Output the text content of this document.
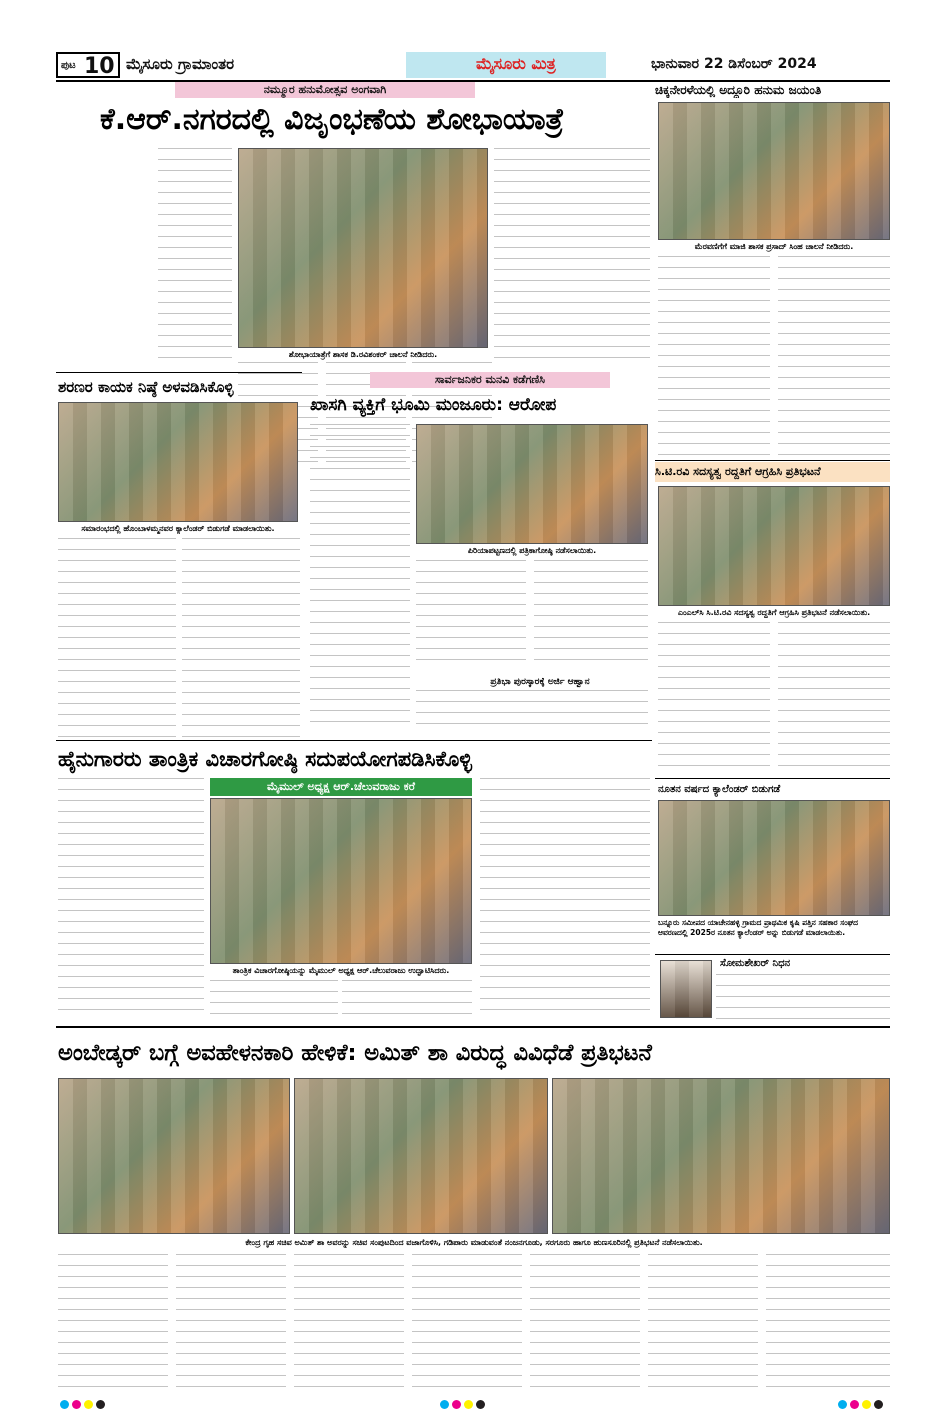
ಪುಟ 10 ಮೈಸೂರು ಗ್ರಾಮಾಂತರ	ಮೈಸೂರು ಮಿತ್ರ	ಭಾನುವಾರ 22 ಡಿಸೆಂಬರ್ 2024
ನಮ್ಮೂರ ಹನುಮೋತ್ಸವ ಅಂಗವಾಗಿ
ಕೆ.ಆರ್.ನಗರದಲ್ಲಿ ವಿಜೃಂಭಣೆಯ ಶೋಭಾಯಾತ್ರೆ
ಶೋಭಾಯಾತ್ರೆಗೆ ಶಾಸಕ ಡಿ.ರವಿಶಂಕರ್ ಚಾಲನೆ ನೀಡಿದರು.
ಚಿಕ್ಕನೇರಳೆಯಲ್ಲಿ ಅದ್ದೂರಿ ಹನುಮ ಜಯಂತಿ
ಮೆರವಣಿಗೆಗೆ ಮಾಜಿ ಶಾಸಕ ಪ್ರಸಾದ್ ಸಿಂಹ ಚಾಲನೆ ನೀಡಿದರು.
ಶರಣರ ಕಾಯಕ ನಿಷ್ಠೆ ಅಳವಡಿಸಿಕೊಳ್ಳಿ
ಸಮಾರಂಭದಲ್ಲಿ ಹೊಂಬಾಳಮ್ಮನವರ ಕ್ಯಾಲೆಂಡರ್ ಬಿಡುಗಡೆ ಮಾಡಲಾಯಿತು.
ಸಾರ್ವಜನಿಕರ ಮನವಿ ಕಡೆಗಣಿಸಿ
ಖಾಸಗಿ ವ್ಯಕ್ತಿಗೆ ಭೂಮಿ ಮಂಜೂರು: ಆರೋಪ
ಪಿರಿಯಾಪಟ್ಟಣದಲ್ಲಿ ಪತ್ರಿಕಾಗೋಷ್ಠಿ ನಡೆಸಲಾಯಿತು.
ಪ್ರತಿಭಾ ಪುರಸ್ಕಾರಕ್ಕೆ ಅರ್ಜಿ ಆಹ್ವಾನ
ಸಿ.ಟಿ.ರವಿ ಸದಸ್ಯತ್ವ ರದ್ದತಿಗೆ ಆಗ್ರಹಿಸಿ ಪ್ರತಿಭಟನೆ
ಎಂಎಲ್‌ಸಿ ಸಿ.ಟಿ.ರವಿ ಸದಸ್ಯತ್ವ ರದ್ದತಿಗೆ ಆಗ್ರಹಿಸಿ ಪ್ರತಿಭಟನೆ ನಡೆಸಲಾಯಿತು.
ಹೈನುಗಾರರು ತಾಂತ್ರಿಕ ವಿಚಾರಗೋಷ್ಠಿ ಸದುಪಯೋಗಪಡಿಸಿಕೊಳ್ಳಿ
ಮೈಮುಲ್ ಅಧ್ಯಕ್ಷ ಆರ್.ಚೆಲುವರಾಜು ಕರೆ
ತಾಂತ್ರಿಕ ವಿಚಾರಗೋಷ್ಠಿಯನ್ನು ಮೈಮುಲ್ ಅಧ್ಯಕ್ಷ ಆರ್.ಚೆಲುವರಾಜು ಉದ್ಘಾಟಿಸಿದರು.
ನೂತನ ವರ್ಷದ ಕ್ಯಾಲೆಂಡರ್ ಬಿಡುಗಡೆ
ಬನ್ನೂರು ಸಮೀಪದ ಯಾಚೇನಹಳ್ಳಿ ಗ್ರಾಮದ ಪ್ರಾಥಮಿಕ ಕೃಷಿ ಪತ್ತಿನ ಸಹಕಾರ ಸಂಘದ ಆವರಣದಲ್ಲಿ 2025ರ ನೂತನ ಕ್ಯಾಲೆಂಡರ್ ಅನ್ನು ಬಿಡುಗಡೆ ಮಾಡಲಾಯಿತು.
ಸೋಮಶೇಖರ್ ನಿಧನ
ಅಂಬೇಡ್ಕರ್ ಬಗ್ಗೆ ಅವಹೇಳನಕಾರಿ ಹೇಳಿಕೆ: ಅಮಿತ್ ಶಾ ವಿರುದ್ಧ ವಿವಿಧೆಡೆ ಪ್ರತಿಭಟನೆ
ಕೇಂದ್ರ ಗೃಹ ಸಚಿವ ಅಮಿತ್ ಶಾ ಅವರನ್ನು ಸಚಿವ ಸಂಪುಟದಿಂದ ವಜಾಗೊಳಿಸಿ, ಗಡಿಪಾರು ಮಾಡುವಂತೆ ನಂಜನಗೂಡು, ಸರಗೂರು ಹಾಗೂ ಹುಣಸೂರಿನಲ್ಲಿ ಪ್ರತಿಭಟನೆ ನಡೆಸಲಾಯಿತು.
